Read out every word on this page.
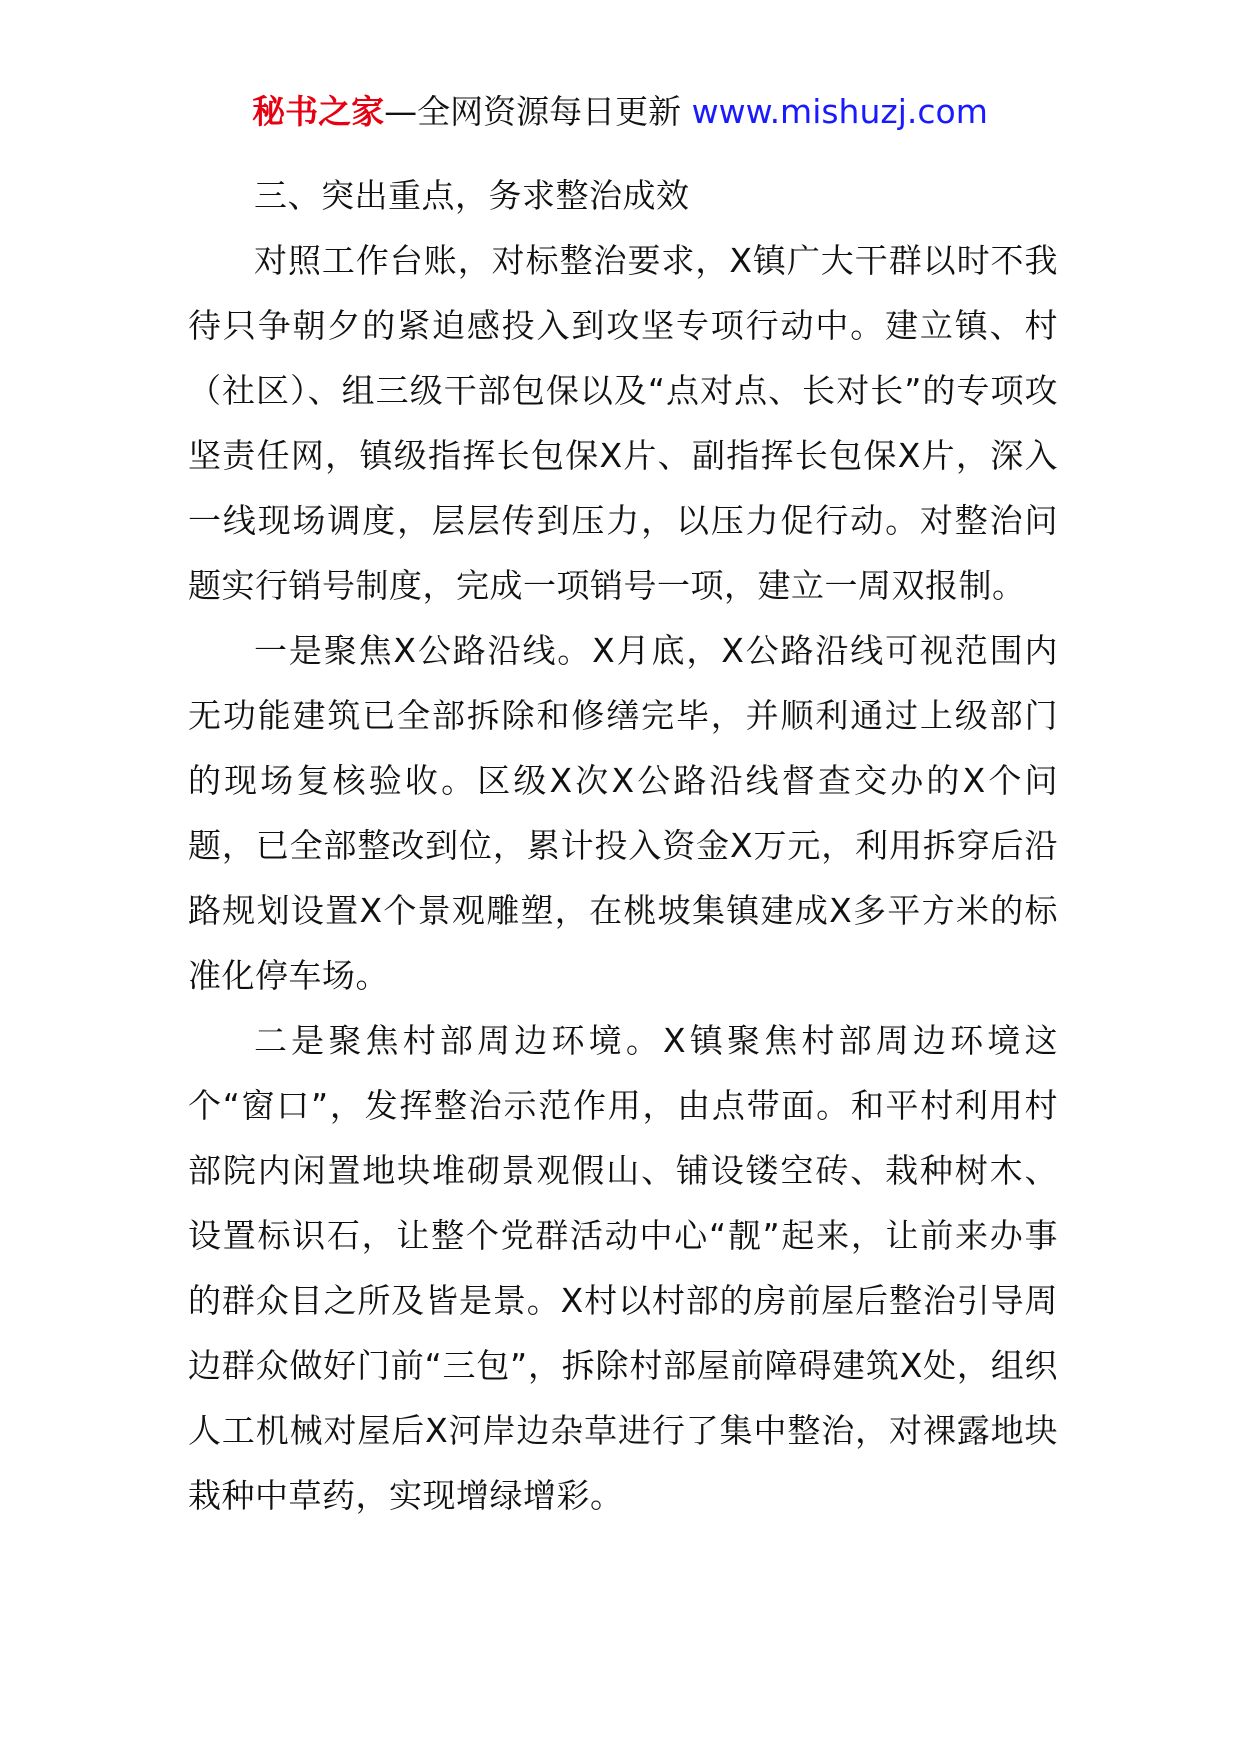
秘书之家—全网资源每日更新 www.mishuzj.com

三、突出重点，务求整治成效

对照工作台账，对标整治要求，X镇广大干群以时不我待只争朝夕的紧迫感投入到攻坚专项行动中。建立镇、村（社区）、组三级干部包保以及“点对点、长对长”的专项攻坚责任网，镇级指挥长包保X片、副指挥长包保X片，深入一线现场调度，层层传到压力，以压力促行动。对整治问题实行销号制度，完成一项销号一项，建立一周双报制。

一是聚焦X公路沿线。X月底，X公路沿线可视范围内无功能建筑已全部拆除和修缮完毕，并顺利通过上级部门的现场复核验收。区级X次X公路沿线督查交办的X个问题，已全部整改到位，累计投入资金X万元，利用拆穿后沿路规划设置X个景观雕塑，在桃坡集镇建成X多平方米的标准化停车场。

二是聚焦村部周边环境。X镇聚焦村部周边环境这个“窗口”，发挥整治示范作用，由点带面。和平村利用村部院内闲置地块堆砌景观假山、铺设镂空砖、栽种树木、设置标识石，让整个党群活动中心“靓”起来，让前来办事的群众目之所及皆是景。X村以村部的房前屋后整治引导周边群众做好门前“三包”，拆除村部屋前障碍建筑X处，组织人工机械对屋后X河岸边杂草进行了集中整治，对裸露地块栽种中草药，实现增绿增彩。
